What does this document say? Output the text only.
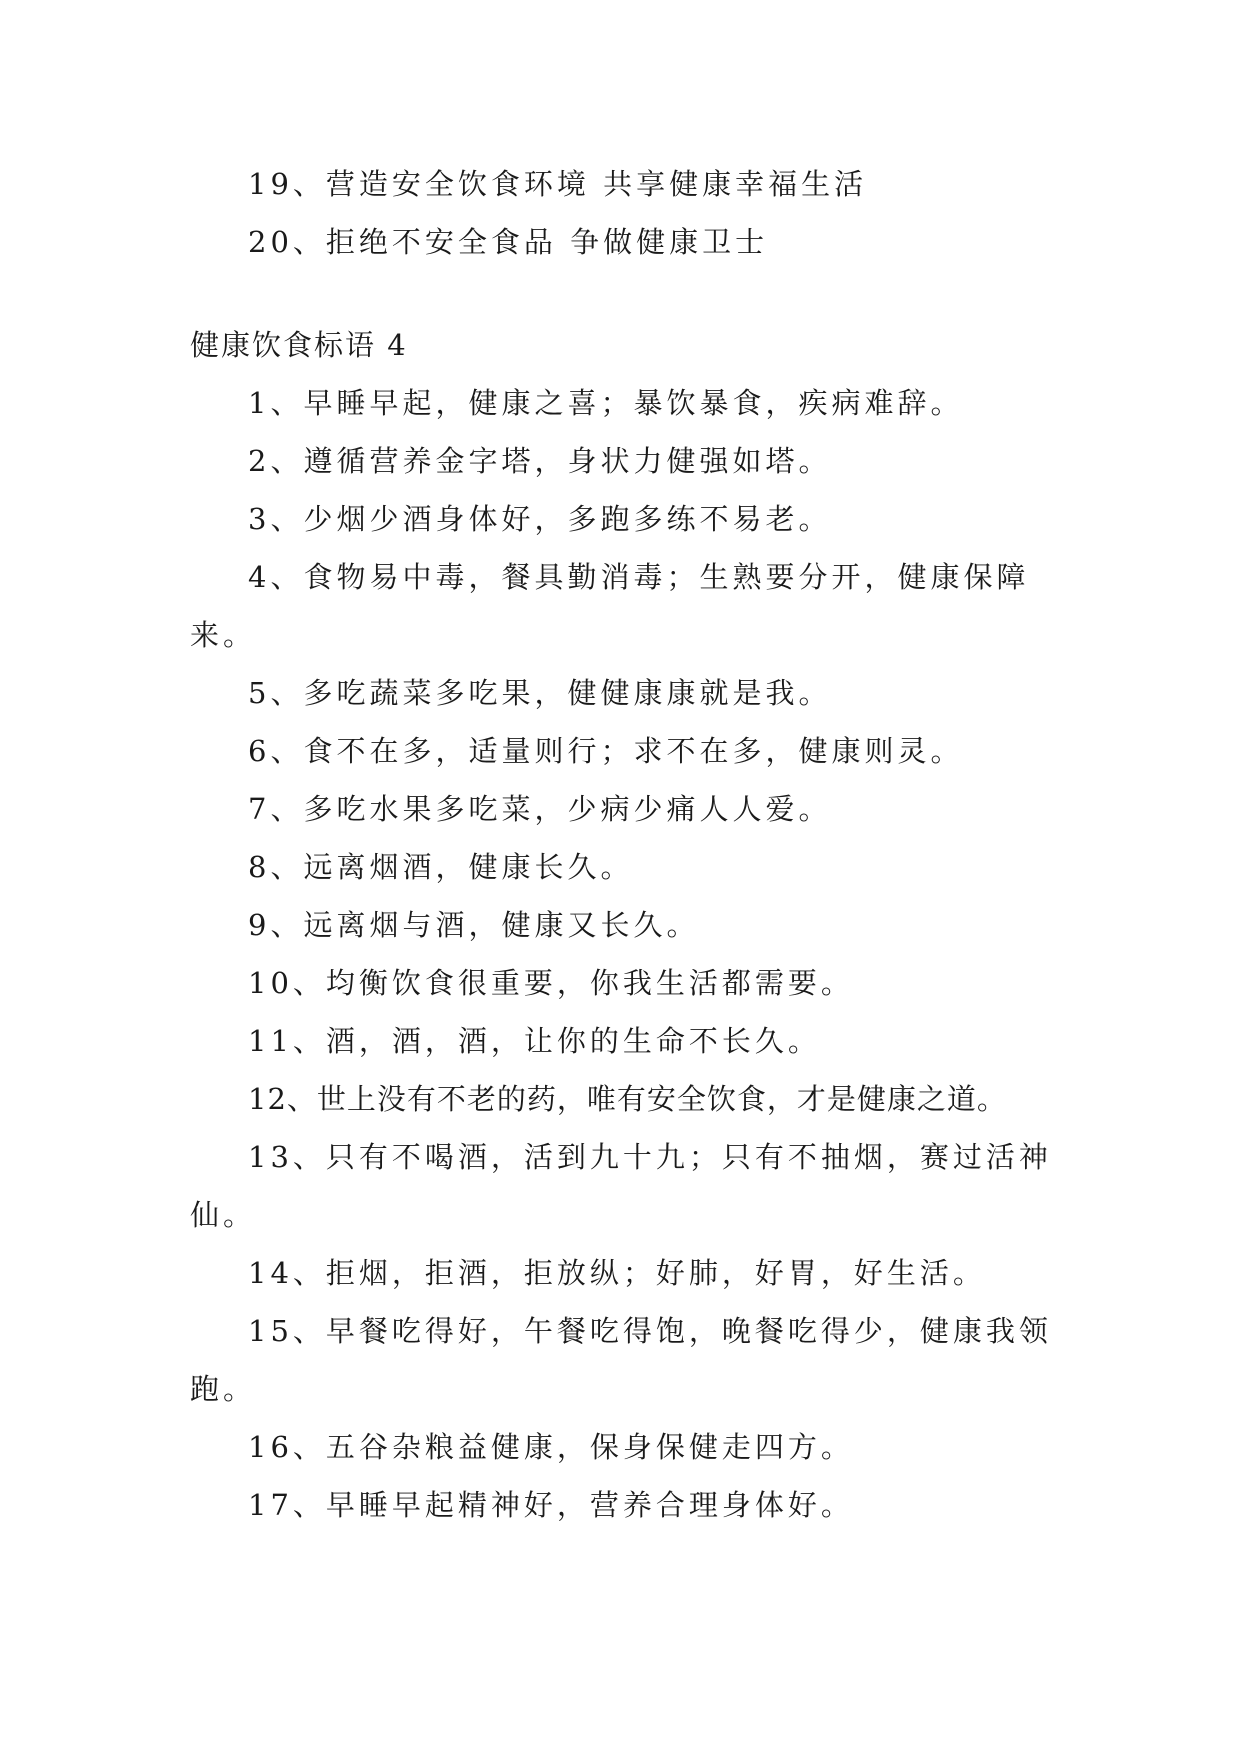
19、营造安全饮食环境 共享健康幸福生活
20、拒绝不安全食品 争做健康卫士
健康饮食标语 4
1、早睡早起，健康之喜；暴饮暴食，疾病难辞。
2、遵循营养金字塔，身状力健强如塔。
3、少烟少酒身体好，多跑多练不易老。
4、食物易中毒，餐具勤消毒；生熟要分开，健康保障来。
5、多吃蔬菜多吃果，健健康康就是我。
6、食不在多，适量则行；求不在多，健康则灵。
7、多吃水果多吃菜，少病少痛人人爱。
8、远离烟酒，健康长久。
9、远离烟与酒，健康又长久。
10、均衡饮食很重要，你我生活都需要。
11、酒，酒，酒，让你的生命不长久。
12、世上没有不老的药，唯有安全饮食，才是健康之道。
13、只有不喝酒，活到九十九；只有不抽烟，赛过活神仙。
14、拒烟，拒酒，拒放纵；好肺，好胃，好生活。
15、早餐吃得好，午餐吃得饱，晚餐吃得少，健康我领跑。
16、五谷杂粮益健康，保身保健走四方。
17、早睡早起精神好，营养合理身体好。
